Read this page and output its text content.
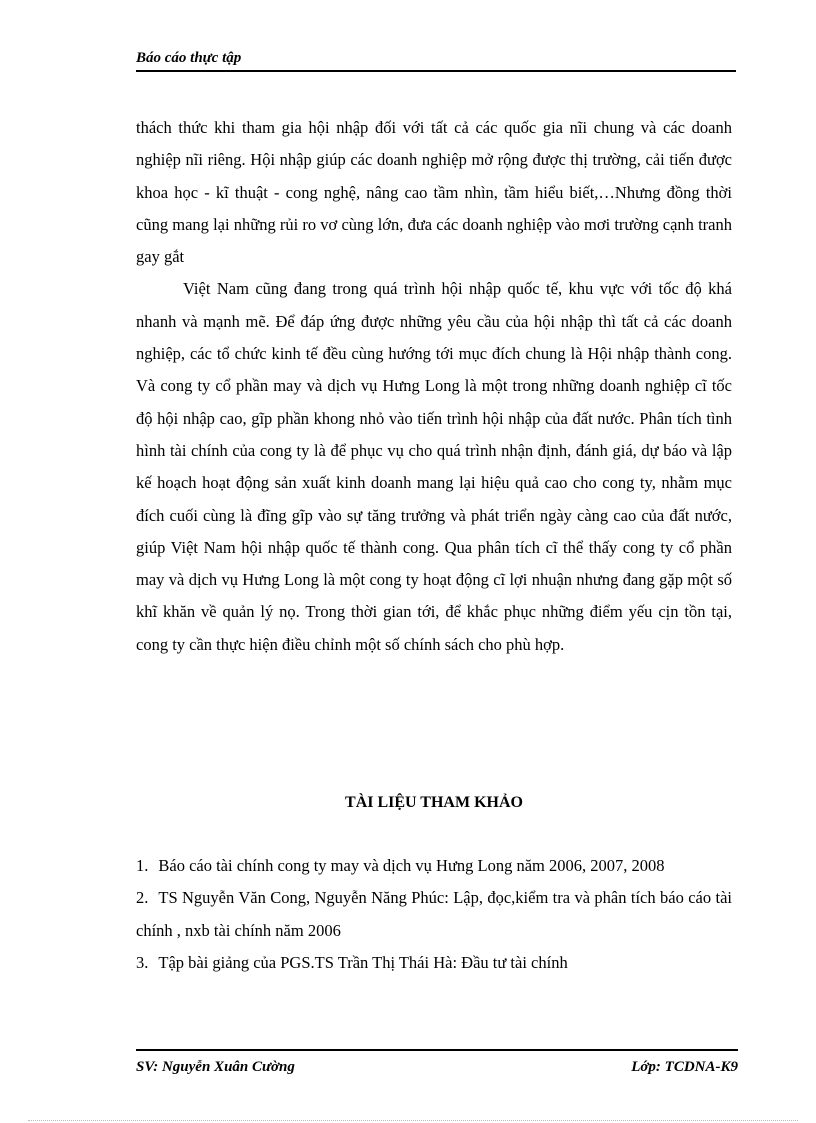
Báo cáo thực tập

thách thức khi tham gia hội nhập đối với tất cả các quốc gia nĩi chung và các doanh nghiệp nĩi riêng. Hội nhập giúp các doanh nghiệp mở rộng được thị trường, cải tiến được khoa học - kĩ thuật - cong nghệ, nâng cao tầm nhìn, tầm hiểu biết,…Nhưng đồng thời cũng mang lại những rủi ro vơ cùng lớn, đưa các doanh nghiệp vào mơi trường cạnh tranh gay gắt

Việt Nam cũng đang trong quá trình hội nhập quốc tế, khu vực với tốc độ khá nhanh và mạnh mẽ. Để đáp ứng được những yêu cầu của hội nhập thì tất cả các doanh nghiệp, các tổ chức kinh tế đều cùng hướng tới mục đích chung là Hội nhập thành cong. Và cong ty cổ phần may và dịch vụ Hưng Long là một trong những doanh nghiệp cĩ tốc độ hội nhập cao, gĩp phần khong nhỏ vào tiến trình hội nhập của đất nước. Phân tích tình hình tài chính của cong ty là để phục vụ cho quá trình nhận định, đánh giá, dự báo và lập kế hoạch hoạt động sản xuất kinh doanh mang lại hiệu quả cao cho cong ty, nhằm mục đích cuối cùng là đĩng gĩp vào sự tăng trưởng và phát triển ngày càng cao của đất nước, giúp Việt Nam hội nhập quốc tế thành cong. Qua phân tích cĩ thể thấy cong ty cổ phần may và dịch vụ Hưng Long là một cong ty hoạt động cĩ lợi nhuận nhưng đang gặp một số khĩ khăn về quản lý nọ. Trong thời gian tới, để khắc phục những điểm yếu cịn tồn tại, cong ty cần thực hiện điều chỉnh một số chính sách cho phù hợp.

TÀI LIỆU THAM KHẢO

1. Báo cáo tài chính cong ty may và dịch vụ Hưng Long năm 2006, 2007, 2008

2. TS Nguyễn Văn Cong, Nguyễn Năng Phúc: Lập, đọc,kiểm tra và phân tích báo cáo tài chính , nxb tài chính năm 2006

3. Tập bài giảng của PGS.TS Trần Thị Thái Hà: Đầu tư tài chính

SV: Nguyễn Xuân Cường	Lớp: TCDNA-K9
